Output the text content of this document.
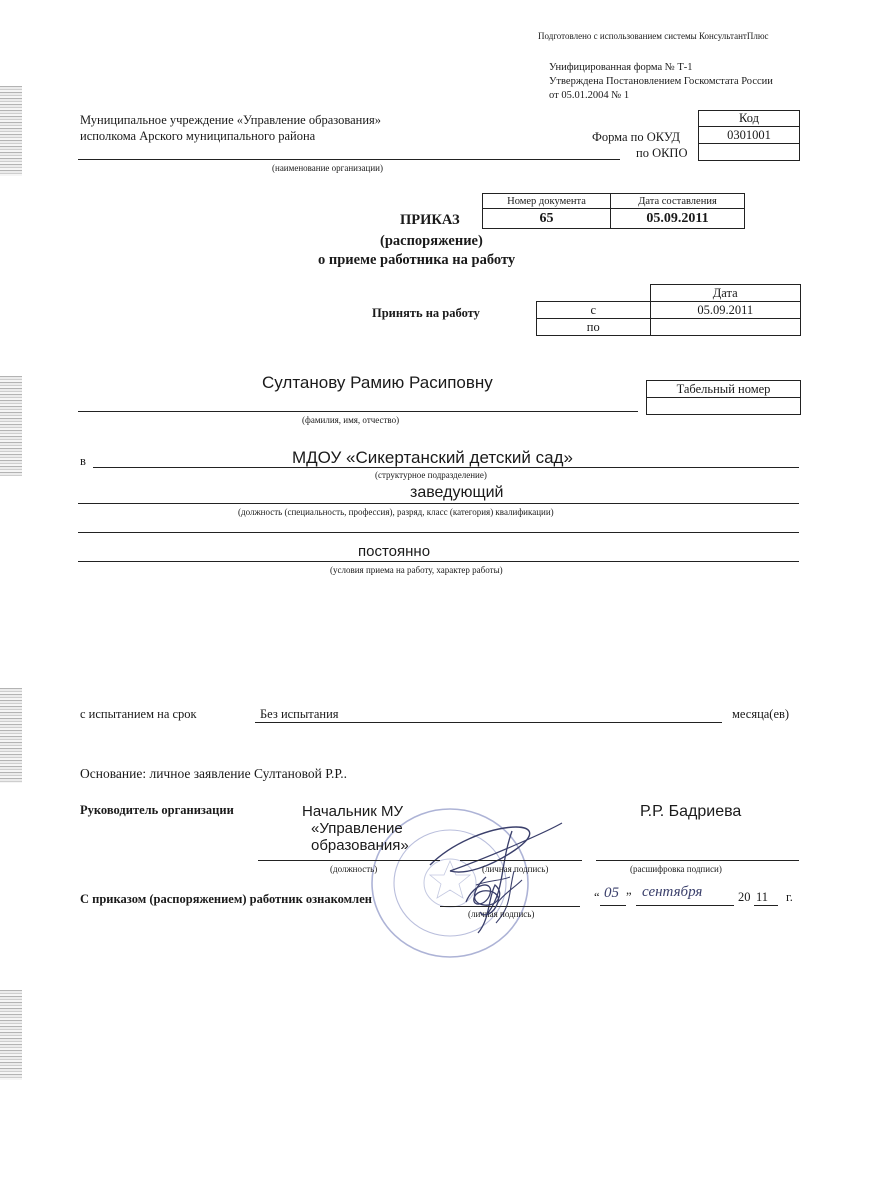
Подготовлено с использованием системы КонсультантПлюс
Унифицированная форма № Т-1
Утверждена Постановлением Госкомстата России
от 05.01.2004 № 1
Муниципальное учреждение «Управление образования»
исполкома Арского муниципального района
(наименование организации)
Форма по ОКУД
по ОКПО
Код
0301001

Номер документа	Дата составления
65	05.09.2011
ПРИКАЗ
(распоряжение)
о приеме работника на работу
Принять на работу
	Дата
с	05.09.2011
по	
Султанову Рамию Расиповну
(фамилия, имя, отчество)
Табельный номер

в	МДОУ «Сикертанский детский сад»
(структурное подразделение)
заведующий
(должность (специальность, профессия), разряд, класс (категория) квалификации)
постоянно
(условия приема на работу, характер работы)
с испытанием на срок	Без испытания	месяца(ев)
Основание: личное заявление Султановой Р.Р..
Руководитель организации	Начальник МУ
«Управление
образования»
Р.Р. Бадриева
(должность)	(личная подпись)	(расшифровка подписи)
С приказом (распоряжением) работник ознакомлен
(личная подпись)
“ 05 ” сентября	20 11 г.
